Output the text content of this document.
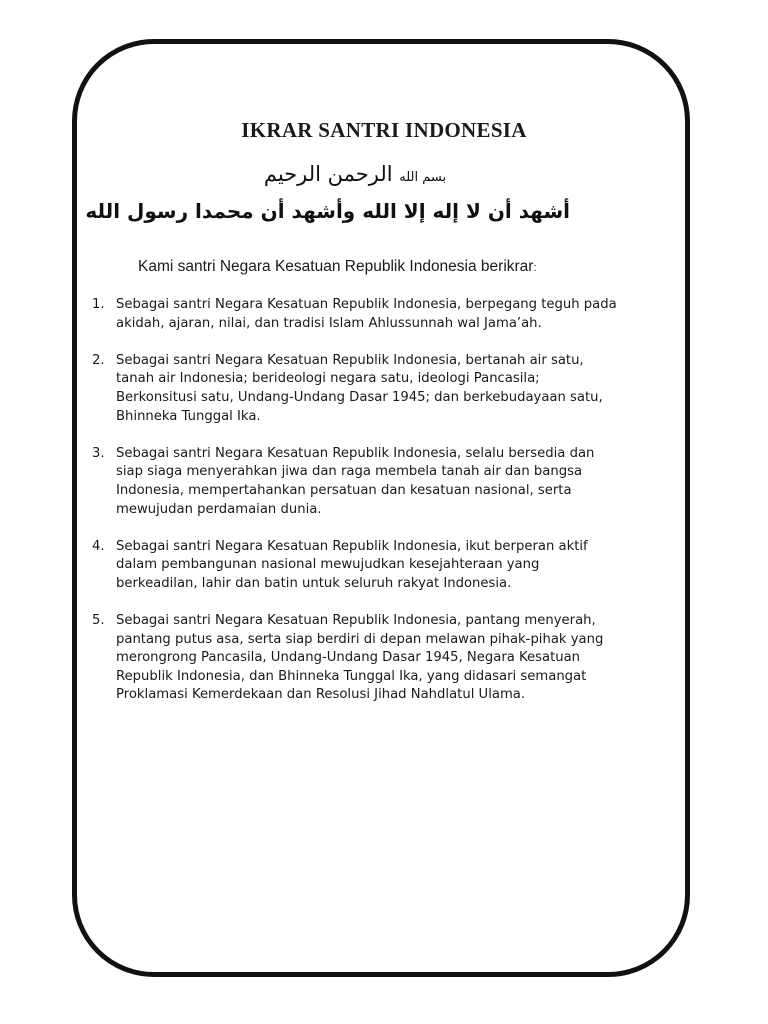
IKRAR SANTRI INDONESIA

بسم الله الرحمن الرحيم

أشهد أن لا إله إلا الله وأشهد أن محمدا رسول الله

Kami santri Negara Kesatuan Republik Indonesia berikrar:

1. Sebagai santri Negara Kesatuan Republik Indonesia, berpegang teguh pada
akidah, ajaran, nilai, dan tradisi Islam Ahlussunnah wal Jama’ah.
2. Sebagai santri Negara Kesatuan Republik Indonesia, bertanah air satu,
tanah air Indonesia; berideologi negara satu, ideologi Pancasila;
Berkonsitusi satu, Undang-Undang Dasar 1945; dan berkebudayaan satu,
Bhinneka Tunggal Ika.
3. Sebagai santri Negara Kesatuan Republik Indonesia, selalu bersedia dan
siap siaga menyerahkan jiwa dan raga membela tanah air dan bangsa
Indonesia, mempertahankan persatuan dan kesatuan nasional, serta
mewujudan perdamaian dunia.
4. Sebagai santri Negara Kesatuan Republik Indonesia, ikut berperan aktif
dalam pembangunan nasional mewujudkan kesejahteraan yang
berkeadilan, lahir dan batin untuk seluruh rakyat Indonesia.
5. Sebagai santri Negara Kesatuan Republik Indonesia, pantang menyerah,
pantang putus asa, serta siap berdiri di depan melawan pihak-pihak yang
merongrong Pancasila, Undang-Undang Dasar 1945, Negara Kesatuan
Republik Indonesia, dan Bhinneka Tunggal Ika, yang didasari semangat
Proklamasi Kemerdekaan dan Resolusi Jihad Nahdlatul Ulama.
